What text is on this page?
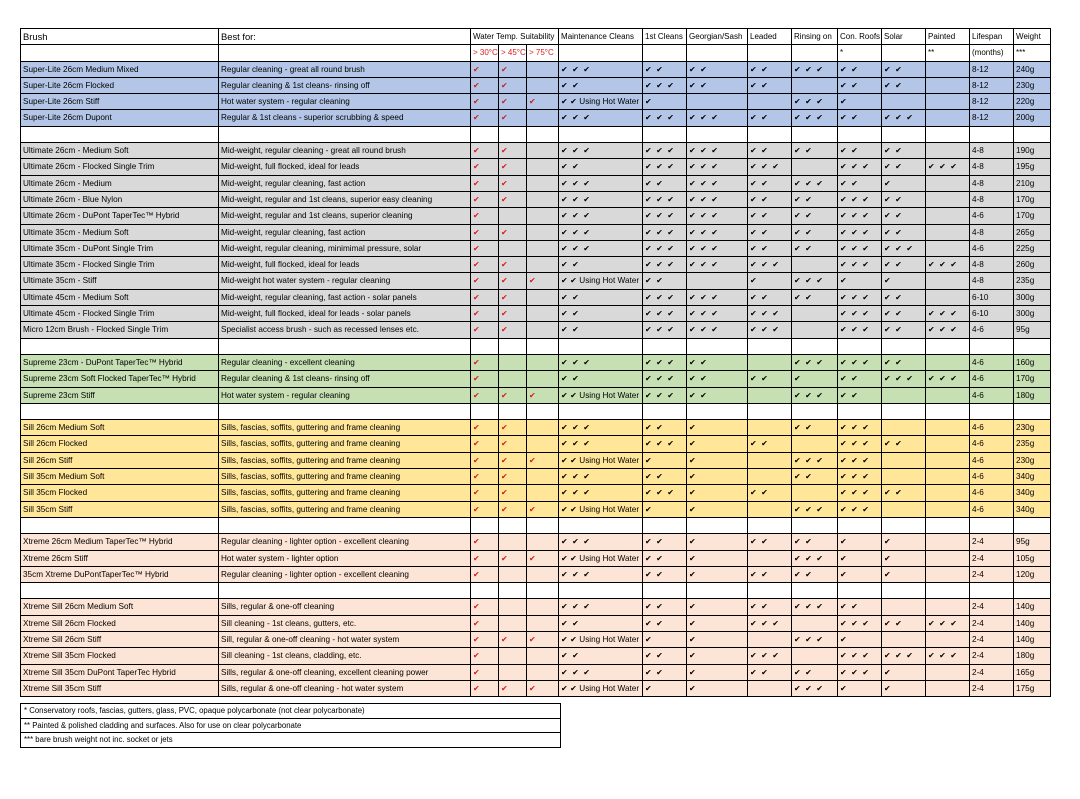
Brush	Best for:	Water Temp. Suitability			Maintenance Cleans	1st Cleans	Georgian/Sash	Leaded	Rinsing on	Con. Roofs	Solar	Painted	Lifespan	Weight
		> 30°C	> 45°C	> 75°C						*		**	(months)	***
Super-Lite 26cm Medium Mixed	Regular cleaning - great all round brush	✔	✔		✔ ✔ ✔	✔ ✔	✔ ✔	✔ ✔	✔ ✔ ✔	✔ ✔	✔ ✔		8-12	240g
Super-Lite 26cm Flocked	Regular cleaning & 1st cleans- rinsing off	✔	✔		✔ ✔	✔ ✔ ✔	✔ ✔	✔ ✔		✔ ✔	✔ ✔		8-12	230g
Super-Lite 26cm Stiff	Hot water system - regular cleaning	✔	✔	✔	✔ ✔ Using Hot Water	✔			✔ ✔ ✔	✔			8-12	220g
Super-Lite 26cm Dupont	Regular & 1st cleans - superior scrubbing & speed	✔	✔		✔ ✔ ✔	✔ ✔ ✔	✔ ✔ ✔	✔ ✔	✔ ✔ ✔	✔ ✔	✔ ✔ ✔		8-12	200g

Ultimate 26cm - Medium Soft	Mid-weight, regular cleaning - great all round brush	✔	✔		✔ ✔ ✔	✔ ✔ ✔	✔ ✔ ✔	✔ ✔	✔ ✔	✔ ✔	✔ ✔		4-8	190g
Ultimate 26cm - Flocked Single Trim	Mid-weight, full flocked, ideal for leads	✔	✔		✔ ✔	✔ ✔ ✔	✔ ✔ ✔	✔ ✔ ✔		✔ ✔ ✔	✔ ✔	✔ ✔ ✔	4-8	195g
Ultimate 26cm - Medium	Mid-weight, regular cleaning, fast action	✔	✔		✔ ✔ ✔	✔ ✔	✔ ✔ ✔	✔ ✔	✔ ✔ ✔	✔ ✔	✔		4-8	210g
Ultimate 26cm - Blue Nylon	Mid-weight, regular and 1st cleans, superior easy cleaning	✔	✔		✔ ✔ ✔	✔ ✔ ✔	✔ ✔ ✔	✔ ✔	✔ ✔	✔ ✔ ✔	✔ ✔		4-8	170g
Ultimate 26cm - DuPont TaperTec™ Hybrid	Mid-weight, regular and 1st cleans, superior cleaning	✔			✔ ✔ ✔	✔ ✔ ✔	✔ ✔ ✔	✔ ✔	✔ ✔	✔ ✔ ✔	✔ ✔		4-6	170g
Ultimate 35cm - Medium Soft	Mid-weight, regular cleaning, fast action	✔	✔		✔ ✔ ✔	✔ ✔ ✔	✔ ✔ ✔	✔ ✔	✔ ✔	✔ ✔ ✔	✔ ✔		4-8	265g
Ultimate 35cm - DuPont Single Trim	Mid-weight, regular cleaning, minimimal pressure, solar	✔			✔ ✔ ✔	✔ ✔ ✔	✔ ✔ ✔	✔ ✔	✔ ✔	✔ ✔ ✔	✔ ✔ ✔		4-6	225g
Ultimate 35cm - Flocked Single Trim	Mid-weight, full flocked, ideal for leads	✔	✔		✔ ✔	✔ ✔ ✔	✔ ✔ ✔	✔ ✔ ✔		✔ ✔ ✔	✔ ✔	✔ ✔ ✔	4-8	260g
Ultimate 35cm - Stiff	Mid-weight hot water system - regular cleaning	✔	✔	✔	✔ ✔ Using Hot Water	✔ ✔		✔	✔ ✔ ✔	✔	✔		4-8	235g
Ultimate 45cm - Medium Soft	Mid-weight, regular cleaning, fast action - solar panels	✔	✔		✔ ✔	✔ ✔ ✔	✔ ✔ ✔	✔ ✔	✔ ✔	✔ ✔ ✔	✔ ✔		6-10	300g
Ultimate 45cm - Flocked Single Trim	Mid-weight, full flocked, ideal for leads - solar panels	✔	✔		✔ ✔	✔ ✔ ✔	✔ ✔ ✔	✔ ✔ ✔		✔ ✔ ✔	✔ ✔	✔ ✔ ✔	6-10	300g
Micro 12cm Brush - Flocked Single Trim	Specialist access brush - such as recessed lenses etc.	✔	✔		✔ ✔	✔ ✔ ✔	✔ ✔ ✔	✔ ✔ ✔		✔ ✔ ✔	✔ ✔	✔ ✔ ✔	4-6	95g

Supreme 23cm - DuPont TaperTec™ Hybrid	Regular cleaning - excellent cleaning	✔			✔ ✔ ✔	✔ ✔ ✔	✔ ✔		✔ ✔ ✔	✔ ✔ ✔	✔ ✔		4-6	160g
Supreme 23cm Soft Flocked TaperTec™ Hybrid	Regular cleaning & 1st cleans- rinsing off	✔			✔ ✔	✔ ✔ ✔	✔ ✔	✔ ✔	✔	✔ ✔	✔ ✔ ✔	✔ ✔ ✔	4-6	170g
Supreme 23cm Stiff	Hot water system - regular cleaning	✔	✔	✔	✔ ✔ Using Hot Water	✔ ✔ ✔	✔ ✔		✔ ✔ ✔	✔ ✔			4-6	180g

Sill 26cm Medium Soft	Sills, fascias, soffits, guttering and frame cleaning	✔	✔		✔ ✔ ✔	✔ ✔	✔		✔ ✔	✔ ✔ ✔			4-6	230g
Sill 26cm Flocked	Sills, fascias, soffits, guttering and frame cleaning	✔	✔		✔ ✔ ✔	✔ ✔ ✔	✔	✔ ✔		✔ ✔ ✔	✔ ✔		4-6	235g
Sill 26cm Stiff	Sills, fascias, soffits, guttering and frame cleaning	✔	✔	✔	✔ ✔ Using Hot Water	✔	✔		✔ ✔ ✔	✔ ✔ ✔			4-6	230g
Sill 35cm Medium Soft	Sills, fascias, soffits, guttering and frame cleaning	✔	✔		✔ ✔ ✔	✔ ✔	✔		✔ ✔	✔ ✔ ✔			4-6	340g
Sill 35cm Flocked	Sills, fascias, soffits, guttering and frame cleaning	✔	✔		✔ ✔ ✔	✔ ✔ ✔	✔	✔ ✔		✔ ✔ ✔	✔ ✔		4-6	340g
Sill 35cm Stiff	Sills, fascias, soffits, guttering and frame cleaning	✔	✔	✔	✔ ✔ Using Hot Water	✔	✔		✔ ✔ ✔	✔ ✔ ✔			4-6	340g

Xtreme 26cm Medium TaperTec™ Hybrid	Regular cleaning - lighter option - excellent cleaning	✔			✔ ✔ ✔	✔ ✔	✔	✔ ✔	✔ ✔	✔	✔		2-4	95g
Xtreme 26cm Stiff	Hot water system - lighter option	✔	✔	✔	✔ ✔ Using Hot Water	✔ ✔	✔		✔ ✔ ✔	✔	✔		2-4	105g
35cm Xtreme DuPontTaperTec™ Hybrid	Regular cleaning - lighter option - excellent cleaning	✔			✔ ✔ ✔	✔ ✔	✔	✔ ✔	✔ ✔	✔	✔		2-4	120g

Xtreme Sill 26cm Medium Soft	Sills, regular & one-off cleaning	✔			✔ ✔ ✔	✔ ✔	✔	✔ ✔	✔ ✔ ✔	✔ ✔			2-4	140g
Xtreme Sill 26cm Flocked	Sill cleaning - 1st cleans, gutters, etc.	✔			✔ ✔	✔ ✔	✔	✔ ✔ ✔		✔ ✔ ✔	✔ ✔	✔ ✔ ✔	2-4	140g
Xtreme Sill 26cm Stiff	Sill, regular & one-off cleaning - hot water system	✔	✔	✔	✔ ✔ Using Hot Water	✔	✔		✔ ✔ ✔	✔			2-4	140g
Xtreme Sill 35cm Flocked	Sill cleaning - 1st cleans, cladding, etc.	✔			✔ ✔	✔ ✔	✔	✔ ✔ ✔		✔ ✔ ✔	✔ ✔ ✔	✔ ✔ ✔	2-4	180g
Xtreme Sill 35cm DuPont TaperTec Hybrid	Sills, regular & one-off cleaning, excellent cleaning power	✔			✔ ✔ ✔	✔ ✔	✔	✔ ✔	✔ ✔	✔ ✔ ✔	✔		2-4	165g
Xtreme Sill 35cm Stiff	Sills, regular & one-off cleaning - hot water system	✔	✔	✔	✔ ✔ Using Hot Water	✔	✔		✔ ✔ ✔	✔	✔		2-4	175g
* Conservatory roofs, fascias, gutters, glass, PVC, opaque polycarbonate (not clear polycarbonate)
** Painted & polished cladding and surfaces. Also for use on clear polycarbonate
*** bare brush weight not inc. socket or jets
